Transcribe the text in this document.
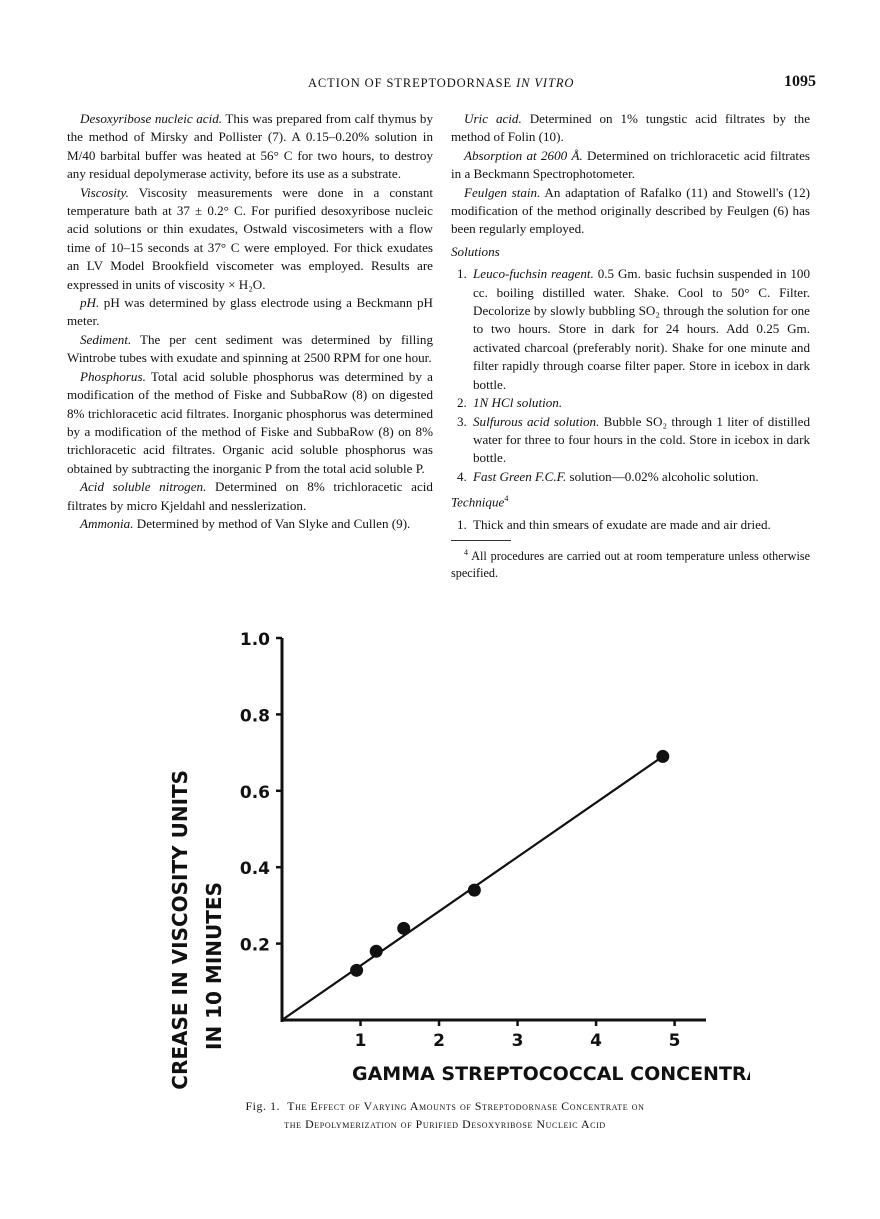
ACTION OF STREPTODORNASE IN VITRO	1095

Desoxyribose nucleic acid. This was prepared from calf thymus by the method of Mirsky and Pollister (7). A 0.15–0.20% solution in M/40 barbital buffer was heated at 56° C for two hours, to destroy any residual depolymerase activity, before its use as a substrate.

Viscosity. Viscosity measurements were done in a constant temperature bath at 37 ± 0.2° C. For purified desoxyribose nucleic acid solutions or thin exudates, Ostwald viscosimeters with a flow time of 10–15 seconds at 37° C were employed. For thick exudates an LV Model Brookfield viscometer was employed. Results are expressed in units of viscosity × H₂O.

pH. pH was determined by glass electrode using a Beckmann pH meter.

Sediment. The per cent sediment was determined by filling Wintrobe tubes with exudate and spinning at 2500 RPM for one hour.

Phosphorus. Total acid soluble phosphorus was determined by a modification of the method of Fiske and SubbaRow (8) on digested 8% trichloracetic acid filtrates. Inorganic phosphorus was determined by a modification of the method of Fiske and SubbaRow (8) on 8% trichloracetic acid filtrates. Organic acid soluble phosphorus was obtained by subtracting the inorganic P from the total acid soluble P.

Acid soluble nitrogen. Determined on 8% trichloracetic acid filtrates by micro Kjeldahl and nesslerization.

Ammonia. Determined by method of Van Slyke and Cullen (9).

Uric acid. Determined on 1% tungstic acid filtrates by the method of Folin (10).

Absorption at 2600 Å. Determined on trichloracetic acid filtrates in a Beckmann Spectrophotometer.

Feulgen stain. An adaptation of Rafalko (11) and Stowell's (12) modification of the method originally described by Feulgen (6) has been regularly employed.

Solutions
1. Leuco-fuchsin reagent. 0.5 Gm. basic fuchsin suspended in 100 cc. boiling distilled water. Shake. Cool to 50° C. Filter. Decolorize by slowly bubbling SO₂ through the solution for one to two hours. Store in dark for 24 hours. Add 0.25 Gm. activated charcoal (preferably norit). Shake for one minute and filter rapidly through coarse filter paper. Store in icebox in dark bottle.
2. 1N HCl solution.
3. Sulfurous acid solution. Bubble SO₂ through 1 liter of distilled water for three to four hours in the cold. Store in icebox in dark bottle.
4. Fast Green F.C.F. solution—0.02% alcoholic solution.
Technique$^4$
1. Thick and thin smears of exudate are made and air dried.

$^4$ All procedures are carried out at room temperature unless otherwise specified.

DECREASE IN VISCOSITY UNITS IN 10 MINUTES 0.2
0.4
0.6
0.8
1.0
1	2	3	4	5
GAMMA STREPTOCOCCAL CONCENTRATE
Fig. 1. The Effect of Varying Amounts of Streptodornase Concentrate on
the Depolymerization of Purified Desoxyribose Nucleic Acid
